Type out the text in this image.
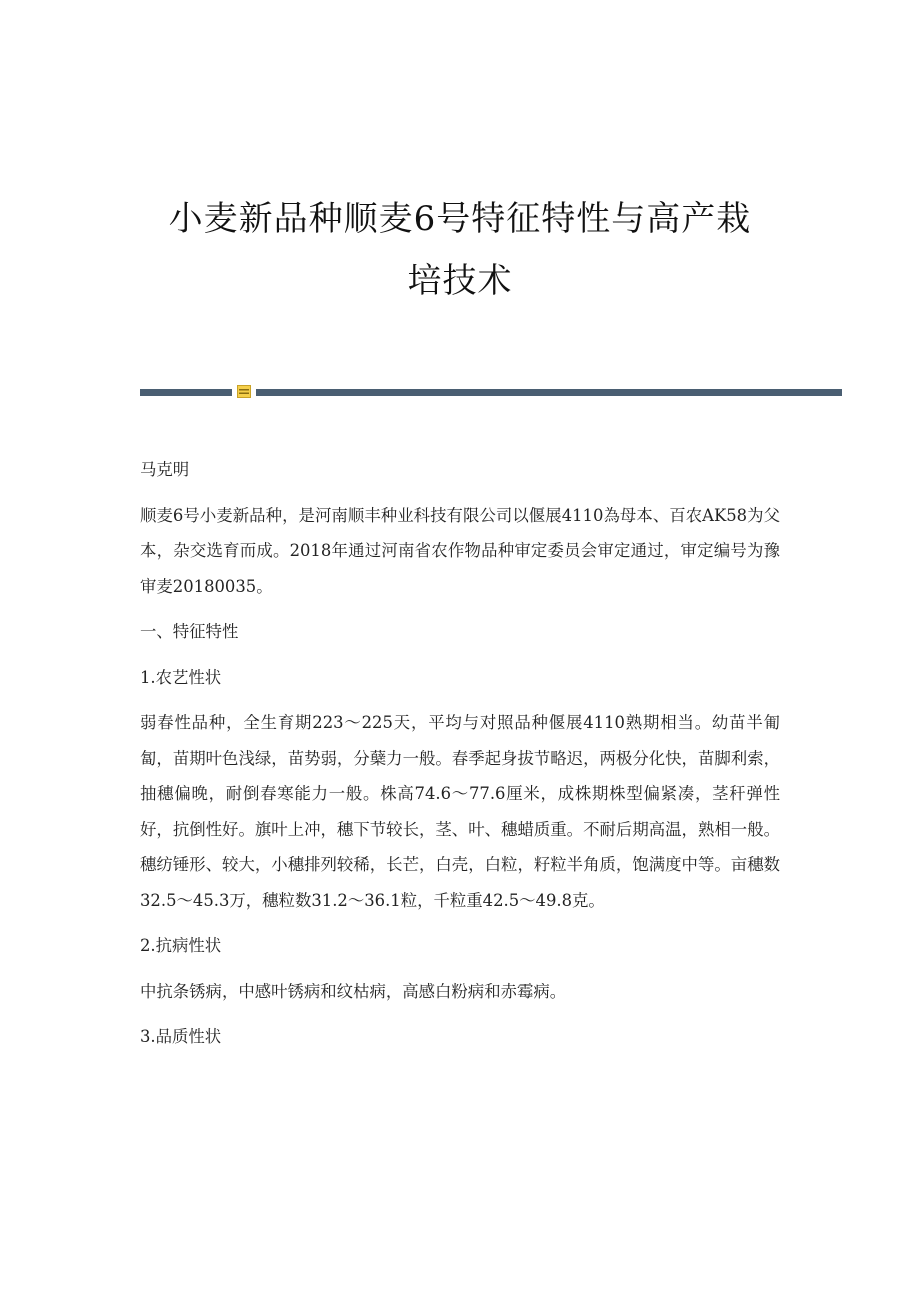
小麦新品种顺麦6号特征特性与高产栽
培技术

马克明

顺麦6号小麦新品种，是河南顺丰种业科技有限公司以偃展4110為母本、百农AK58为父本，杂交选育而成。2018年通过河南省农作物品种审定委员会审定通过，审定编号为豫审麦20180035。

一、特征特性

1.农艺性状

弱春性品种，全生育期223～225天，平均与对照品种偃展4110熟期相当。幼苗半匍匐，苗期叶色浅绿，苗势弱，分蘖力一般。春季起身拔节略迟，两极分化快，苗脚利索，抽穗偏晚，耐倒春寒能力一般。株高74.6～77.6厘米，成株期株型偏紧凑，茎秆弹性好，抗倒性好。旗叶上冲，穗下节较长，茎、叶、穗蜡质重。不耐后期高温，熟相一般。穗纺锤形、较大，小穗排列较稀，长芒，白壳，白粒，籽粒半角质，饱满度中等。亩穗数32.5～45.3万，穗粒数31.2～36.1粒，千粒重42.5～49.8克。

2.抗病性状

中抗条锈病，中感叶锈病和纹枯病，高感白粉病和赤霉病。

3.品质性状
